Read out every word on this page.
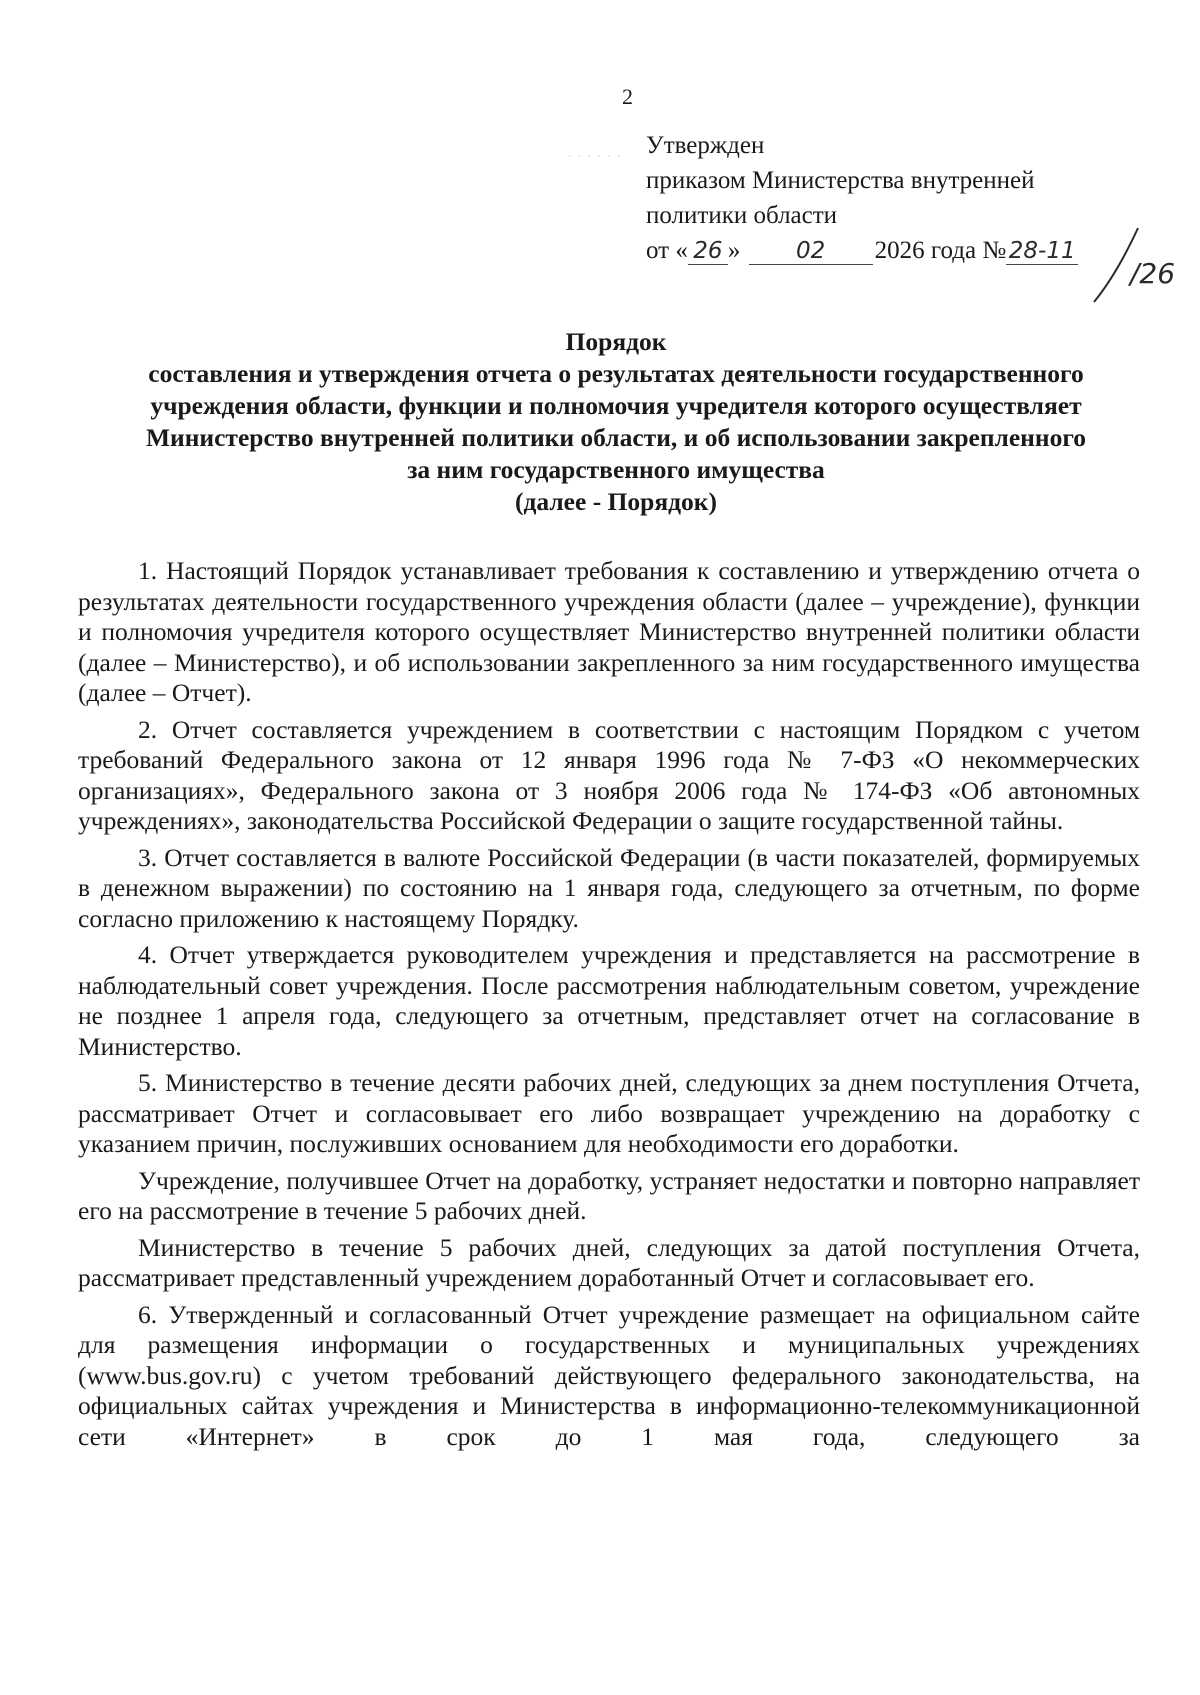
2
· · · · · · Утвержден
приказом Министерства внутренней
политики области
от « 26 » 02 2026 года № 28-11
/26
Порядок
составления и утверждения отчета о результатах деятельности государственного
учреждения области, функции и полномочия учредителя которого осуществляет
Министерство внутренней политики области, и об использовании закрепленного
за ним государственного имущества
(далее - Порядок)

1. Настоящий Порядок устанавливает требования к составлению и утверждению отчета о результатах деятельности государственного учреждения области (далее – учреждение), функции и полномочия учредителя которого осуществляет Министерство внутренней политики области (далее – Министерство), и об использовании закрепленного за ним государственного имущества (далее – Отчет).

2. Отчет составляется учреждением в соответствии с настоящим Порядком с учетом требований Федерального закона от 12 января 1996 года № 7-ФЗ «О некоммерческих организациях», Федерального закона от 3 ноября 2006 года № 174-ФЗ «Об автономных учреждениях», законодательства Российской Федерации о защите государственной тайны.

3. Отчет составляется в валюте Российской Федерации (в части показателей, формируемых в денежном выражении) по состоянию на 1 января года, следующего за отчетным, по форме согласно приложению к настоящему Порядку.

4. Отчет утверждается руководителем учреждения и представляется на рассмотрение в наблюдательный совет учреждения. После рассмотрения наблюдательным советом, учреждение не позднее 1 апреля года, следующего за отчетным, представляет отчет на согласование в Министерство.

5. Министерство в течение десяти рабочих дней, следующих за днем поступления Отчета, рассматривает Отчет и согласовывает его либо возвращает учреждению на доработку с указанием причин, послуживших основанием для необходимости его доработки.

Учреждение, получившее Отчет на доработку, устраняет недостатки и повторно направляет его на рассмотрение в течение 5 рабочих дней.

Министерство в течение 5 рабочих дней, следующих за датой поступления Отчета, рассматривает представленный учреждением доработанный Отчет и согласовывает его.

6. Утвержденный и согласованный Отчет учреждение размещает на официальном сайте для размещения информации о государственных и муниципальных учреждениях (www.bus.gov.ru) с учетом требований действующего федерального законодательства, на официальных сайтах учреждения и Министерства в информационно-телекоммуникационной сети «Интернет» в срок до 1 мая года, следующего за
